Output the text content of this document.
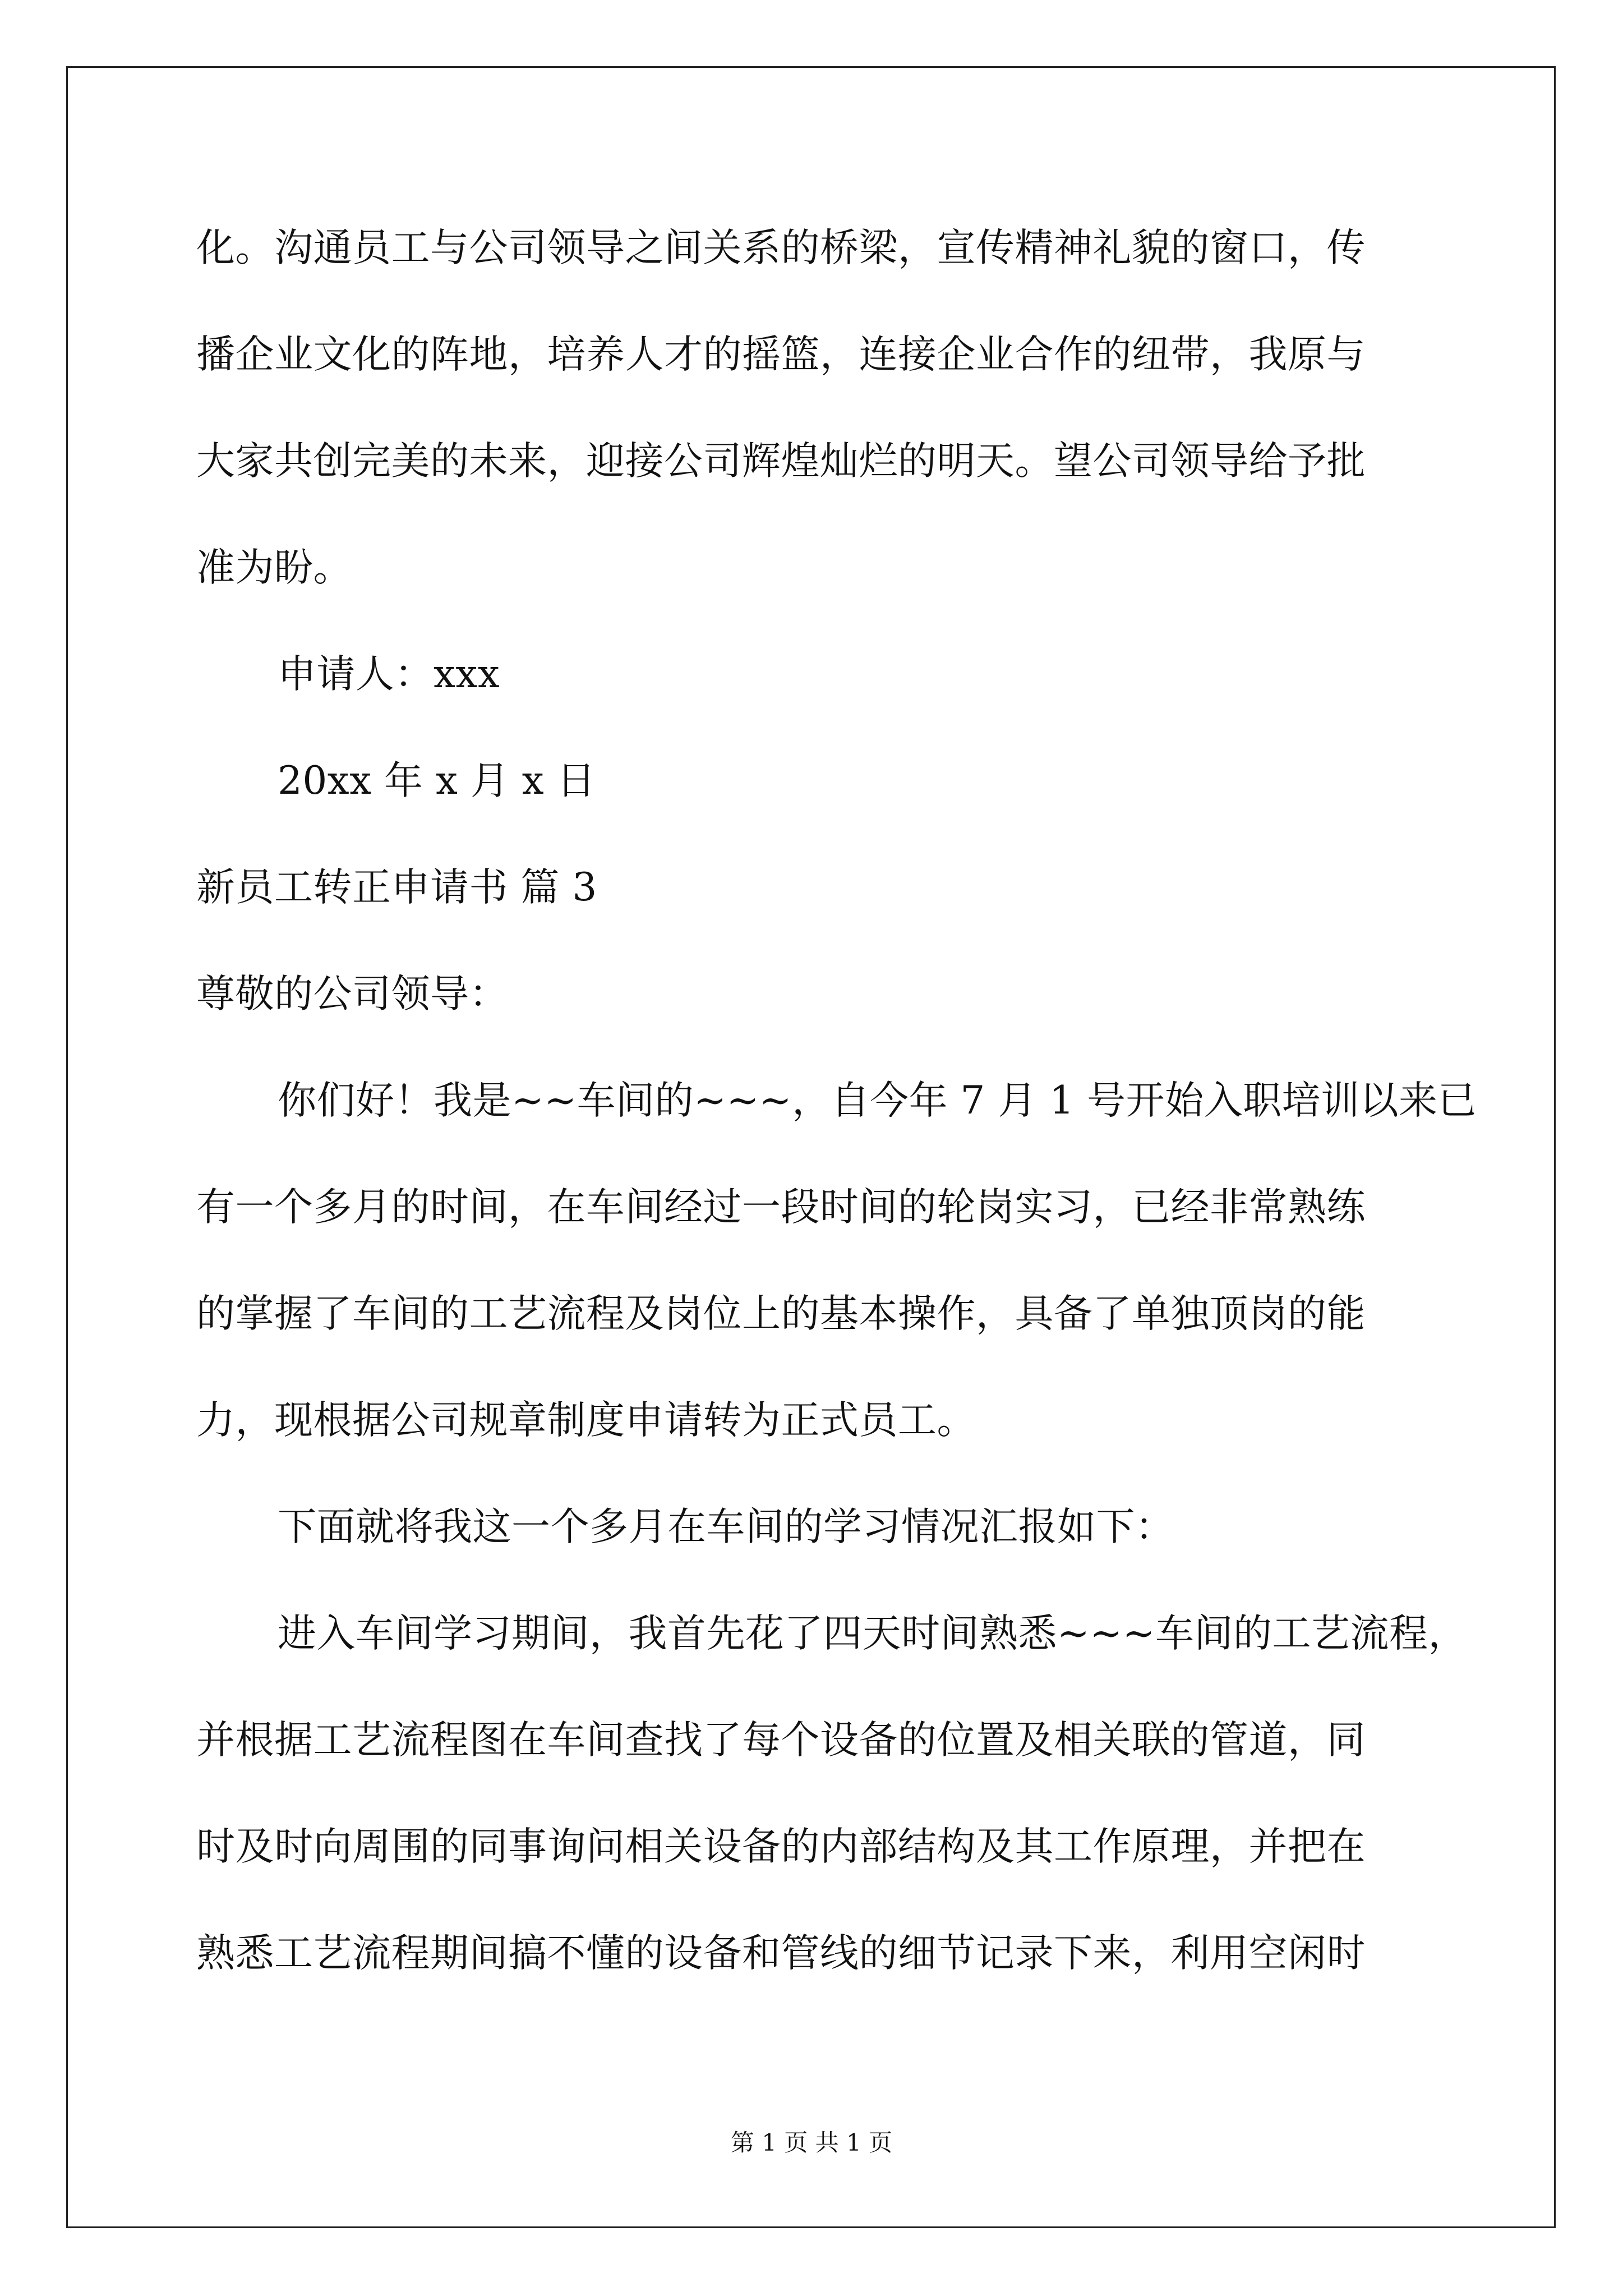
化。沟通员工与公司领导之间关系的桥梁，宣传精神礼貌的窗口，传
播企业文化的阵地，培养人才的摇篮，连接企业合作的纽带，我原与
大家共创完美的未来，迎接公司辉煌灿烂的明天。望公司领导给予批
准为盼。
申请人：xxx
20xx 年 x 月 x 日
新员工转正申请书 篇 3
尊敬的公司领导：
你们好！我是~~车间的~~~，自今年 7 月 1 号开始入职培训以来已
有一个多月的时间，在车间经过一段时间的轮岗实习，已经非常熟练
的掌握了车间的工艺流程及岗位上的基本操作，具备了单独顶岗的能
力，现根据公司规章制度申请转为正式员工。
下面就将我这一个多月在车间的学习情况汇报如下：
进入车间学习期间，我首先花了四天时间熟悉~~~车间的工艺流程，
并根据工艺流程图在车间查找了每个设备的位置及相关联的管道，同
时及时向周围的同事询问相关设备的内部结构及其工作原理，并把在
熟悉工艺流程期间搞不懂的设备和管线的细节记录下来，利用空闲时
第 1 页 共 1 页
